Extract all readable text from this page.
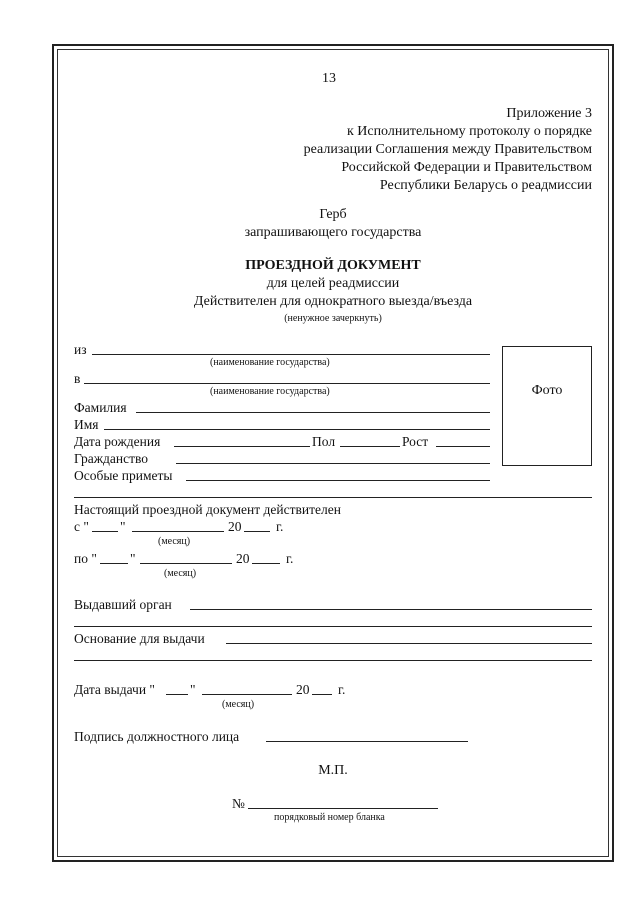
13
Приложение 3
к Исполнительному протоколу о порядке
реализации Соглашения между Правительством
Российской Федерации и Правительством
Республики Беларусь о реадмиссии
Герб
запрашивающего государства
ПРОЕЗДНОЙ ДОКУМЕНТ
для целей реадмиссии
Действителен для однократного выезда/въезда
(ненужное зачеркнуть)
из
(наименование государства)
в
(наименование государства)
Фамилия
Имя
Дата рождения	Пол	Рост
Гражданство
Особые приметы
Фото
Настоящий проездной документ действителен
с " "	20	г.
(месяц)
по " "	20	г.
(месяц)
Выдавший орган
Основание для выдачи
Дата выдачи "	"	20 г.
(месяц)
Подпись должностного лица
М.П.
№
порядковый номер бланка
